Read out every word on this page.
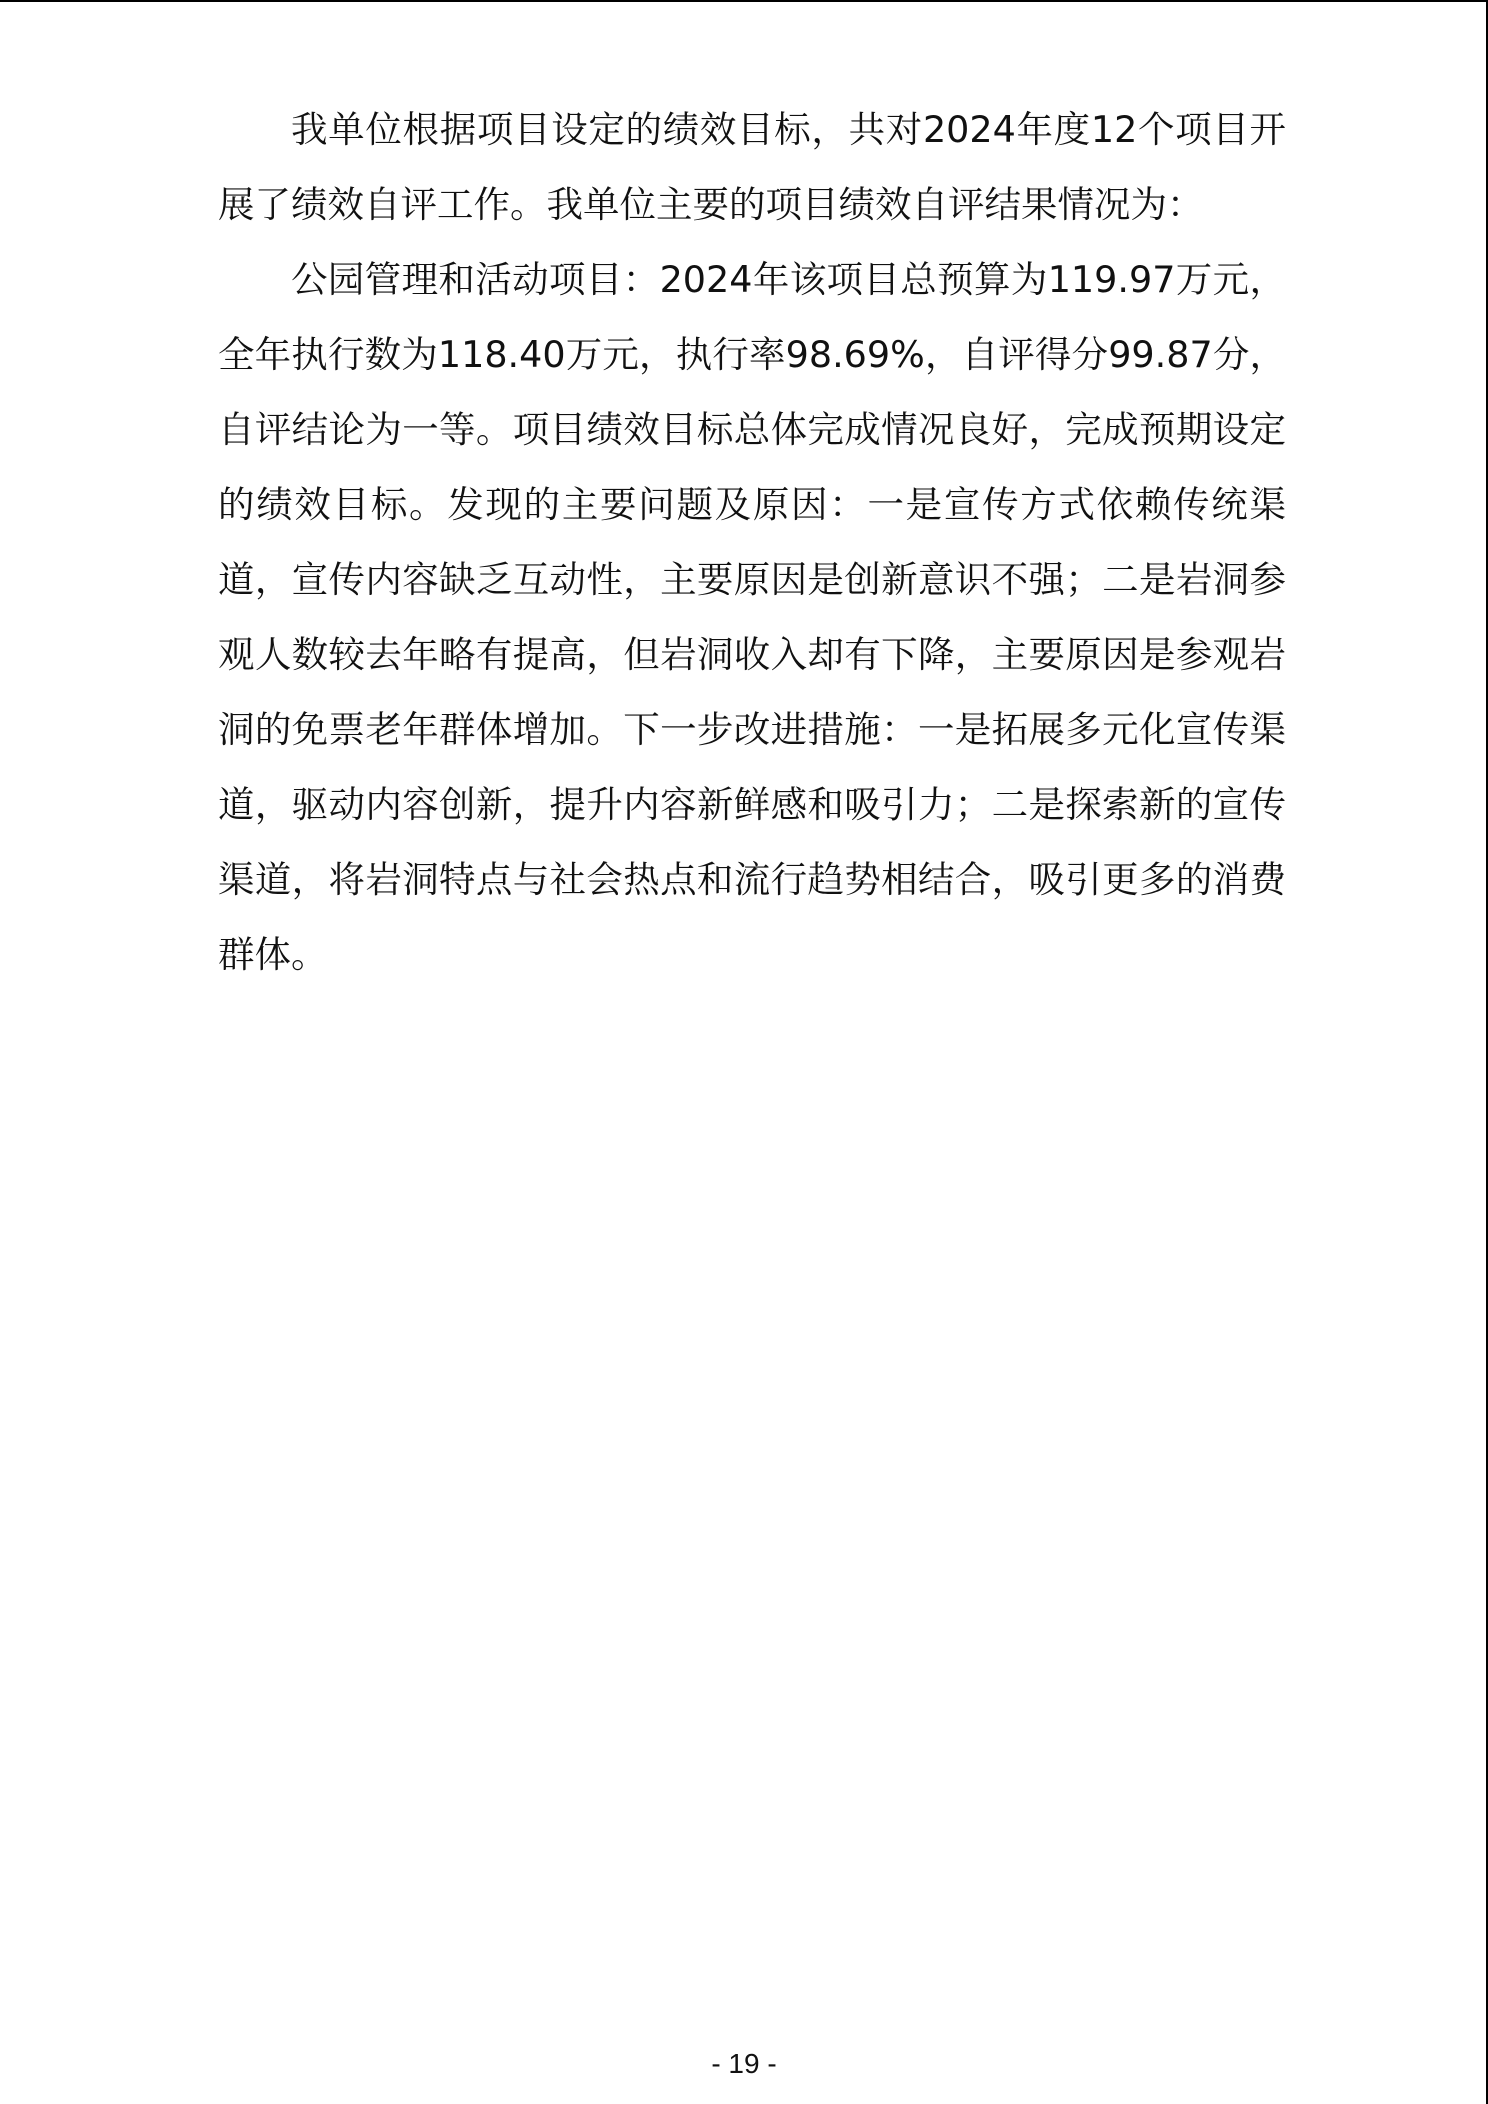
我单位根据项目设定的绩效目标，共对2024年度12个项目开展了绩效自评工作。我单位主要的项目绩效自评结果情况为：

公园管理和活动项目：2024年该项目总预算为119.97万元，全年执行数为118.40万元，执行率98.69%，自评得分99.87分，自评结论为一等。项目绩效目标总体完成情况良好，完成预期设定的绩效目标。发现的主要问题及原因：一是宣传方式依赖传统渠道，宣传内容缺乏互动性，主要原因是创新意识不强；二是岩洞参观人数较去年略有提高，但岩洞收入却有下降，主要原因是参观岩洞的免票老年群体增加。下一步改进措施：一是拓展多元化宣传渠道，驱动内容创新，提升内容新鲜感和吸引力；二是探索新的宣传渠道，将岩洞特点与社会热点和流行趋势相结合，吸引更多的消费群体。

- 19 -
